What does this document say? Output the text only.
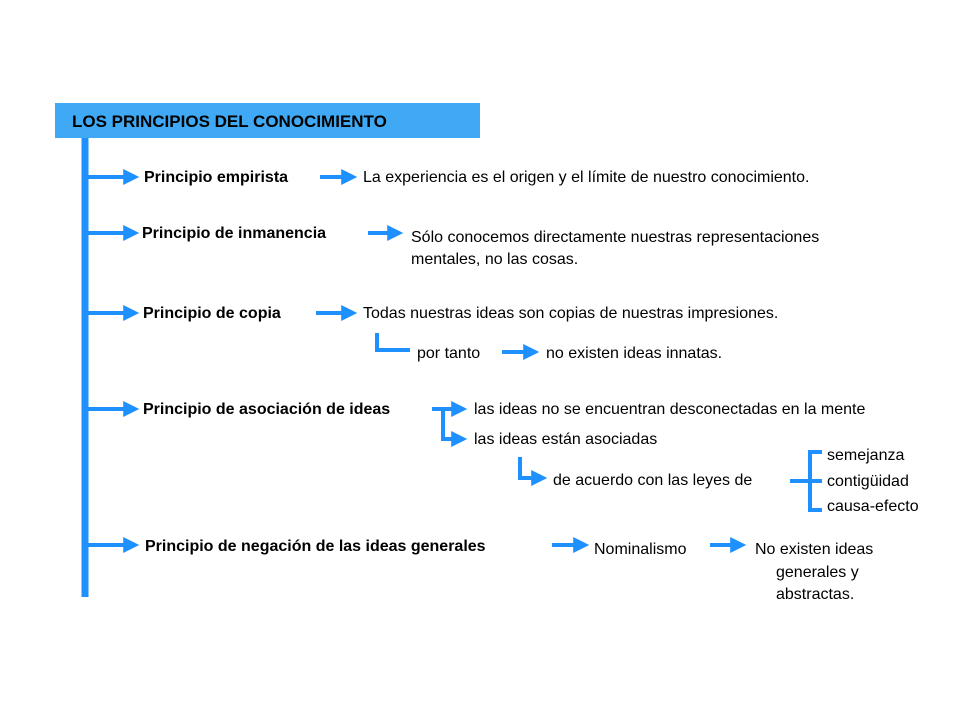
LOS PRINCIPIOS DEL CONOCIMIENTO
Principio empirista	La experiencia es el origen y el límite de nuestro conocimiento.
Principio de inmanencia	Sólo conocemos directamente nuestras representaciones
mentales, no las cosas.
Principio de copia	Todas nuestras ideas son copias de nuestras impresiones.
por tanto	no existen ideas innatas.
Principio de asociación de ideas	las ideas no se encuentran desconectadas en la mente
las ideas están asociadas
de acuerdo con las leyes de
semejanza
contigüidad
causa-efecto
Principio de negación de las ideas generales	Nominalismo	No existen ideas
generales y
abstractas.
